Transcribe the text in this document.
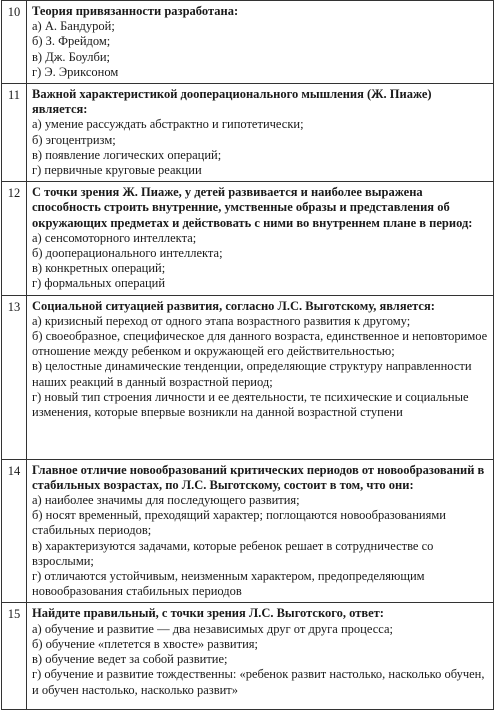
10	Теория привязанности разработана:
а) А. Бандурой;
б) З. Фрейдом;
в) Дж. Боулби;
г) Э. Эриксоном

11	Важной характеристикой дооперационального мышления (Ж. Пиаже) является:
а) умение рассуждать абстрактно и гипотетически;
б) эгоцентризм;
в) появление логических операций;
г) первичные круговые реакции

12	С точки зрения Ж. Пиаже, у детей развивается и наиболее выражена способность строить внутренние, умственные образы и представления об окружающих предметах и действовать с ними во внутреннем плане в период:
а) сенсомоторного интеллекта;
б) дооперационального интеллекта;
в) конкретных операций;
г) формальных операций

13	Социальной ситуацией развития, согласно Л.С. Выготскому, является:
а) кризисный переход от одного этапа возрастного развития к другому;
б) своеобразное, специфическое для данного возраста, единственное и неповторимое отношение между ребенком и окружающей его действительностью;
в) целостные динамические тенденции, определяющие структуру направленности наших реакций в данный возрастной период;
г) новый тип строения личности и ее деятельности, те психические и социальные изменения, которые впервые возникли на данной возрастной ступени

14	Главное отличие новообразований критических периодов от новообразований в стабильных возрастах, по Л.С. Выготскому, состоит в том, что они:
а) наиболее значимы для последующего развития;
б) носят временный, преходящий характер; поглощаются новообразованиями стабильных периодов;
в) характеризуются задачами, которые ребенок решает в сотрудничестве со взрослыми;
г) отличаются устойчивым, неизменным характером, предопределяющим новообразования стабильных периодов

15	Найдите правильный, с точки зрения Л.С. Выготского, ответ:
а) обучение и развитие — два независимых друг от друга процесса;
б) обучение «плетется в хвосте» развития;
в) обучение ведет за собой развитие;
г) обучение и развитие тождественны: «ребенок развит настолько, насколько обучен, и обучен настолько, насколько развит»
